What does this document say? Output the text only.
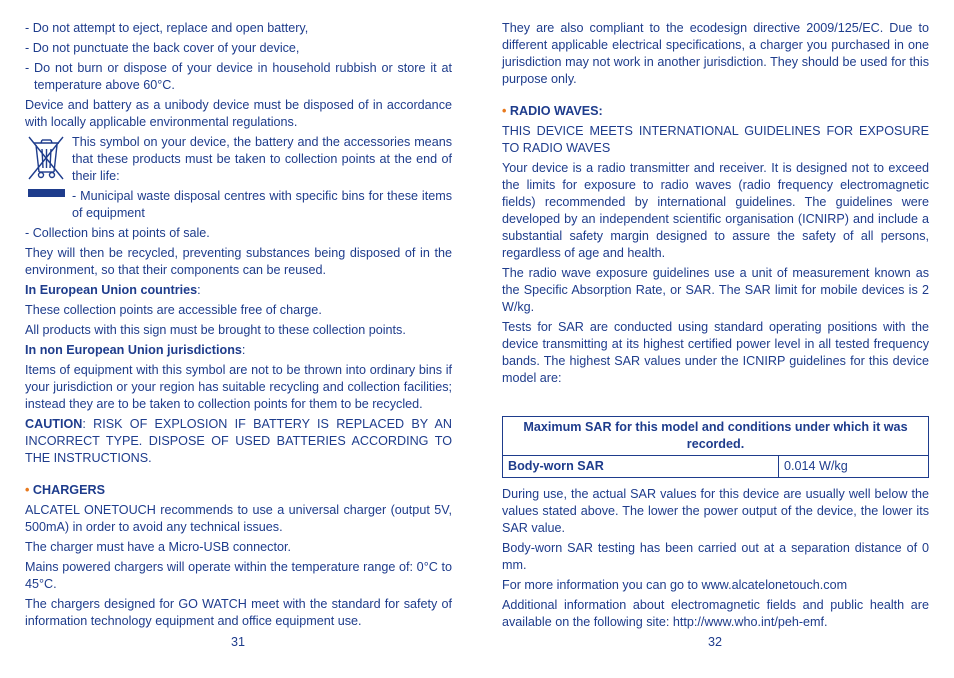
- Do not attempt to eject, replace and open battery,

- Do not punctuate the back cover of your device,

- Do not burn or dispose of your device in household rubbish or store it at temperature above 60°C.

Device and battery as a unibody device must be disposed of in accordance with locally applicable environmental regulations.

This symbol on your device, the battery and the accessories means that these products must be taken to collection points at the end of their life:

- Municipal waste disposal centres with specific bins for these items of equipment

- Collection bins at points of sale.

They will then be recycled, preventing substances being disposed of in the environment, so that their components can be reused.

In European Union countries:

These collection points are accessible free of charge.

All products with this sign must be brought to these collection points.

In non European Union jurisdictions:

Items of equipment with this symbol are not to be thrown into ordinary bins if your jurisdiction or your region has suitable recycling and collection facilities; instead they are to be taken to collection points for them to be recycled.

CAUTION: RISK OF EXPLOSION IF BATTERY IS REPLACED BY AN INCORRECT TYPE. DISPOSE OF USED BATTERIES ACCORDING TO THE INSTRUCTIONS.

• CHARGERS

ALCATEL ONETOUCH recommends to use a universal charger (output 5V, 500mA) in order to avoid any technical issues.

The charger must have a Micro-USB connector.

Mains powered chargers will operate within the temperature range of: 0°C to 45°C.

The chargers designed for GO WATCH meet with the standard for safety of information technology equipment and office equipment use.

31

They are also compliant to the ecodesign directive 2009/125/EC. Due to different applicable electrical specifications, a charger you purchased in one jurisdiction may not work in another jurisdiction. They should be used for this purpose only.

• RADIO WAVES:

THIS DEVICE MEETS INTERNATIONAL GUIDELINES FOR EXPOSURE TO RADIO WAVES

Your device is a radio transmitter and receiver. It is designed not to exceed the limits for exposure to radio waves (radio frequency electromagnetic fields) recommended by international guidelines. The guidelines were developed by an independent scientific organisation (ICNIRP) and include a substantial safety margin designed to assure the safety of all persons, regardless of age and health.

The radio wave exposure guidelines use a unit of measurement known as the Specific Absorption Rate, or SAR. The SAR limit for mobile devices is 2 W/kg.

Tests for SAR are conducted using standard operating positions with the device transmitting at its highest certified power level in all tested frequency bands. The highest SAR values under the ICNIRP guidelines for this device model are:

Maximum SAR for this model and conditions under which it was recorded.
Body-worn SAR	0.014 W/kg

During use, the actual SAR values for this device are usually well below the values stated above. The lower the power output of the device, the lower its SAR value.

Body-worn SAR testing has been carried out at a separation distance of 0 mm.

For more information you can go to www.alcatelonetouch.com

Additional information about electromagnetic fields and public health are available on the following site: http://www.who.int/peh-emf.

32
